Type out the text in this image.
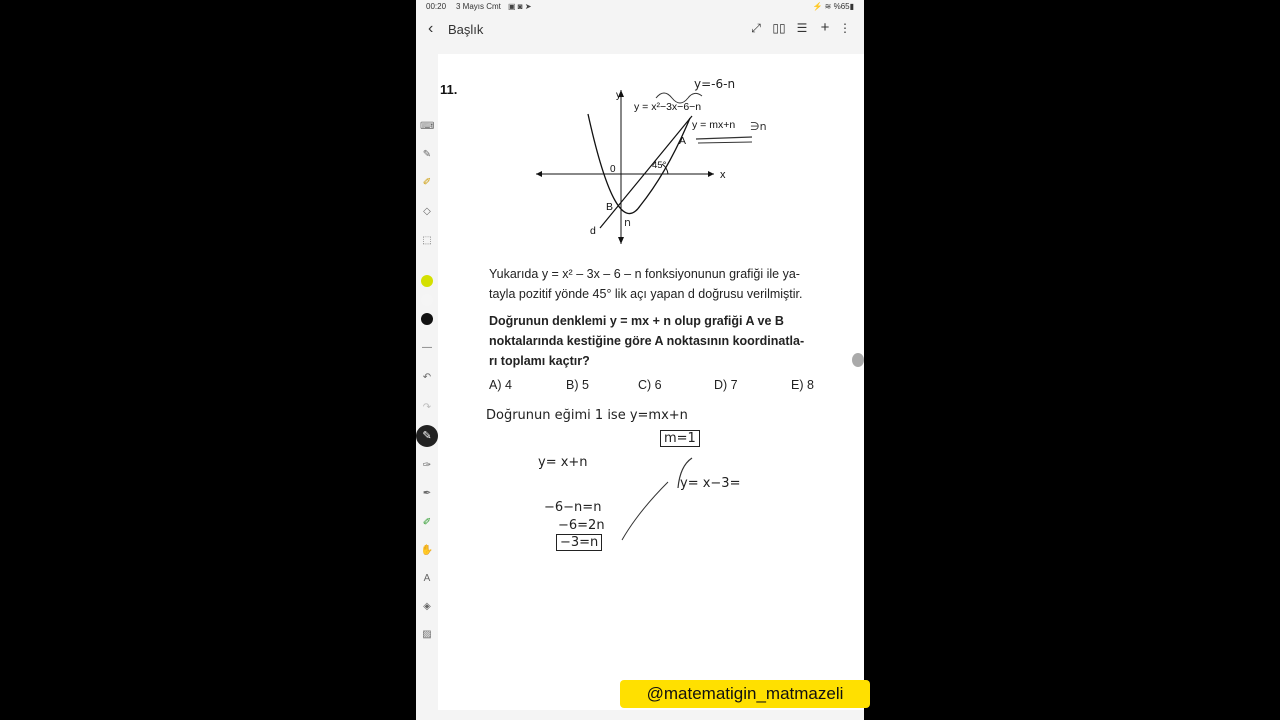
00:20 3 Mayıs Cmt ▣ ◙ ➤	⚡ ≋ %65▮
‹ Başlık	⤢ ▯▯ ☰ + ⋮
⌨
✎
✐
◇
⬚
—
↶
↷
✎
✑
✒
✐
✋
A
◈
▨
11.	y=-6-n
y = x²−3x−6−n
y = mx+n ∋n
y
x
0
A
B
d
45°
n
Yukarıda y = x² – 3x – 6 – n fonksiyonunun grafiği ile ya-
tayla pozitif yönde 45° lik açı yapan d doğrusu verilmiştir.
Doğrunun denklemi y = mx + n olup grafiği A ve B
noktalarında kestiğine göre A noktasının koordinatla-
rı toplamı kaçtır?
A) 4	B) 5	C) 6	D) 7	E) 8
Doğrunun eğimi 1 ise y=mx+n
m=1
y= x+n
y= x−3=
−6−n=n
−6=2n
−3=n
@matematigin_matmazeli
